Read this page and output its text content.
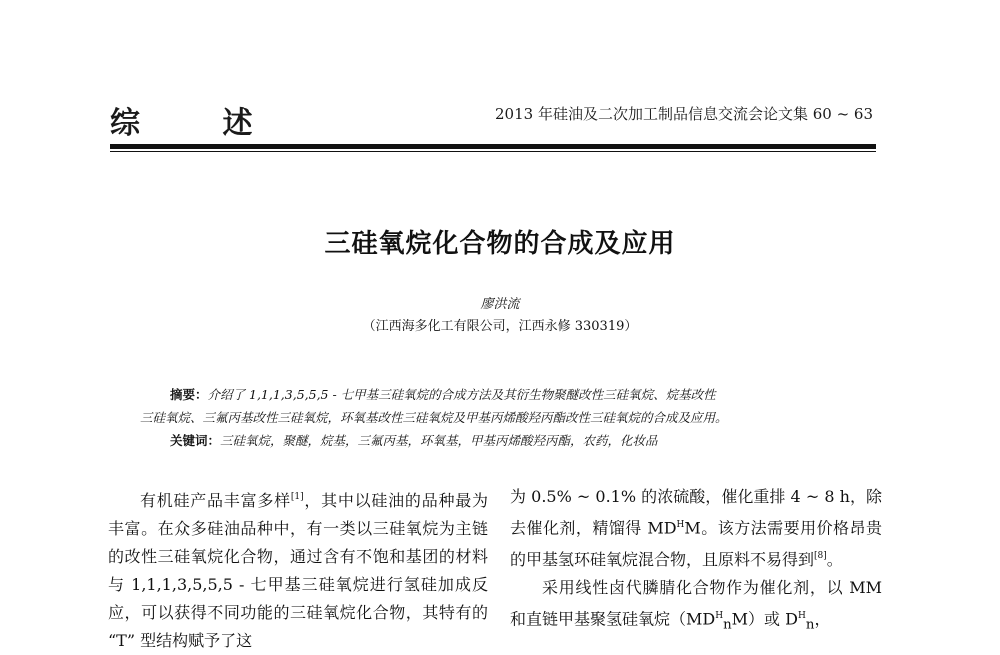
综 述	2013 年硅油及二次加工制品信息交流会论文集 60 ~ 63
三硅氧烷化合物的合成及应用
廖洪流
（江西海多化工有限公司，江西永修 330319）
摘要：介绍了 1,1,1,3,5,5,5 - 七甲基三硅氧烷的合成方法及其衍生物聚醚改性三硅氧烷、烷基改性
三硅氧烷、三氟丙基改性三硅氧烷，环氧基改性三硅氧烷及甲基丙烯酸羟丙酯改性三硅氧烷的合成及应用。
关键词：三硅氧烷，聚醚，烷基，三氟丙基，环氧基，甲基丙烯酸羟丙酯，农药，化妆品

有机硅产品丰富多样[1]，其中以硅油的品种最为丰富。在众多硅油品种中，有一类以三硅氧烷为主链的改性三硅氧烷化合物，通过含有不饱和基团的材料与 1,1,1,3,5,5,5 - 七甲基三硅氧烷进行氢硅加成反应，可以获得不同功能的三硅氧烷化合物，其特有的 “T” 型结构赋予了这

为 0.5% ~ 0.1% 的浓硫酸，催化重排 4 ~ 8 h，除去催化剂，精馏得 $MD^HM$。该方法需要用价格昂贵的甲基氢环硅氧烷混合物，且原料不易得到[8]。

采用线性卤代膦腈化合物作为催化剂，以 MM 和直链甲基聚氢硅氧烷$(MD^H_nM)$或 $D^H_n$，
